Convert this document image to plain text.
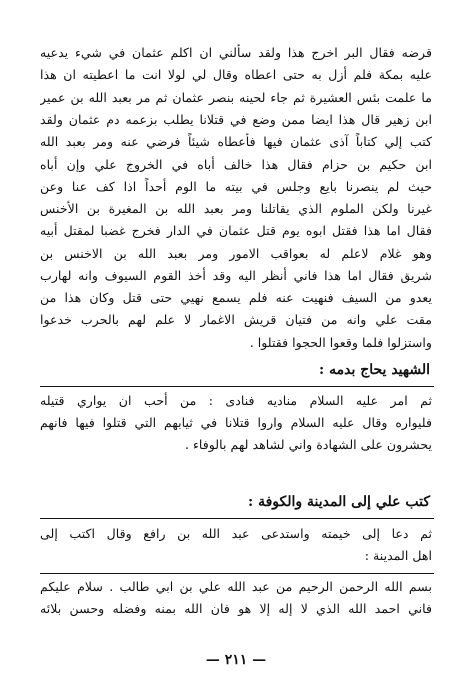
قرضه فقال البر اخرج هذا ولقد سألني ان اكلم عثمان في شيء يدعيه
عليه بمكة فلم أزل به حتى اعطاه وقال لي لولا انت ما اعطيته ان هذا
ما علمت بئس العشيرة ثم جاء لحينه بنصر عثمان ثم مر بعبد الله بن عمير
ابن زهير قال هذا ايضا ممن وضع في قتلانا يطلب بزعمه دم عثمان ولقد
كتب إلي كتاباً آذى عثمان فيها فأعطاه شيئاً فرضي عنه ومر بعبد الله
ابن حكيم بن حزام فقال هذا خالف أباه في الخروج علي وإن أباه
حيث لم ينصرنا بايع وجلس في بيته ما الوم أحداً اذا كف عنا وعن
غيرنا ولكن الملوم الذي يقاتلنا ومر بعبد الله بن المغيرة بن الأخنس
فقال اما هذا فقتل ابوه يوم قتل عثمان في الدار فخرج غضبا لمقتل أبيه
وهو غلام لاعلم له بعواقب الامور ومر بعبد الله بن الاخنس بن
شريق فقال اما هذا فاني أنظر اليه وقد أخذ القوم السيوف وانه لهارب
يعدو من السيف فنهيت عنه فلم يسمع نهيي حتى قتل وكان هذا من
مقت علي وانه من فتيان قريش الاغمار لا علم لهم بالحرب خدعوا
واستزلوا فلما وقعوا الحجوا فقتلوا .
الشهيد يحاج بدمه :
ثم امر عليه السلام مناديه فنادى : من أحب ان يواري قتيله
فليواره وقال عليه السلام واروا قتلانا في ثيابهم التي قتلوا فيها فانهم
يحشرون على الشهادة واني لشاهد لهم بالوفاء .
كتب علي إلى المدينة والكوفة :
ثم دعا إلى خيمته واستدعى عبد الله بن رافع وقال اكتب إلى
اهل المدينة :
بسم الله الرحمن الرحيم من عبد الله علي بن ابي طالب . سلام عليكم
فاني احمد الله الذي لا إله إلا هو فان الله بمنه وفضله وحسن بلائه
— ٢١١ —
